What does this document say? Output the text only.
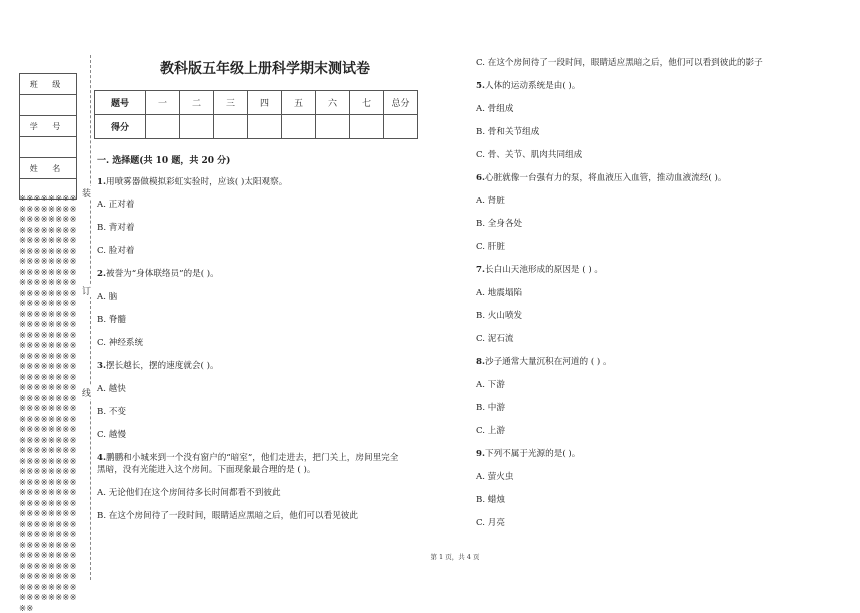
班 级

学 号

姓 名

※※※※※※※※※※※※※※※※※※※※※※※※※※※※※※※※※※※※※※※※※※※※※※※※※※※※※※※※※※※※※※※※※※※※※※※※※※※※※※※※※※※※※※※※※※※※※※※※※※※※※※※※※※※※※※※※※※※※※※※※※※※※※※※※※※※※※※※※※※※※※※※※※※※※※※※※※※※※※※※※※※※※※※※※※※※※※※※※※※※※※※※※※※※※※※※※※※※※※※※※※※※※※※※※※※※※※※※※※※※※※※※※※※※※※※※※※※※※※※※※※※※※※※※※※※※※※※※※※※※※※※※※※※※※※※※※※※※※※※※※※※※※※※※※※※※※※※※※※※※※※※※※※※※※※※※※※※
装
订
线
教科版五年级上册科学期末测试卷
题号	一	二	三	四	五	六	七	总分
得分								
一. 选择题(共 10 题，共 20 分)
1.用喷雾器做模拟彩虹实验时，应该( )太阳观察。
A. 正对着
B. 背对着
C. 脸对着
2.被誉为“身体联络员”的是( )。
A. 脑
B. 脊髓
C. 神经系统
3.摆长越长，摆的速度就会( )。
A. 越快
B. 不变
C. 越慢
4.鹏鹏和小城来到一个没有窗户的“暗室”，他们走进去，把门关上，房间里完全
黑暗，没有光能进入这个房间。下面现象最合理的是 ( )。
A. 无论他们在这个房间待多长时间都看不到彼此
B. 在这个房间待了一段时间，眼睛适应黑暗之后，他们可以看见彼此
C. 在这个房间待了一段时间，眼睛适应黑暗之后，他们可以看到彼此的影子
5.人体的运动系统是由( )。
A. 骨组成
B. 骨和关节组成
C. 骨、关节、肌肉共同组成
6.心脏就像一台强有力的泵，将血液压入血管，推动血液流经( )。
A. 肾脏
B. 全身各处
C. 肝脏
7.长白山天池形成的原因是 ( ) 。
A. 地震塌陷
B. 火山喷发
C. 泥石流
8.沙子通常大量沉积在河道的 ( ) 。
A. 下游
B. 中游
C. 上游
9.下列不属于光源的是( )。
A. 萤火虫
B. 蜡烛
C. 月亮
第 1 页，共 4 页
